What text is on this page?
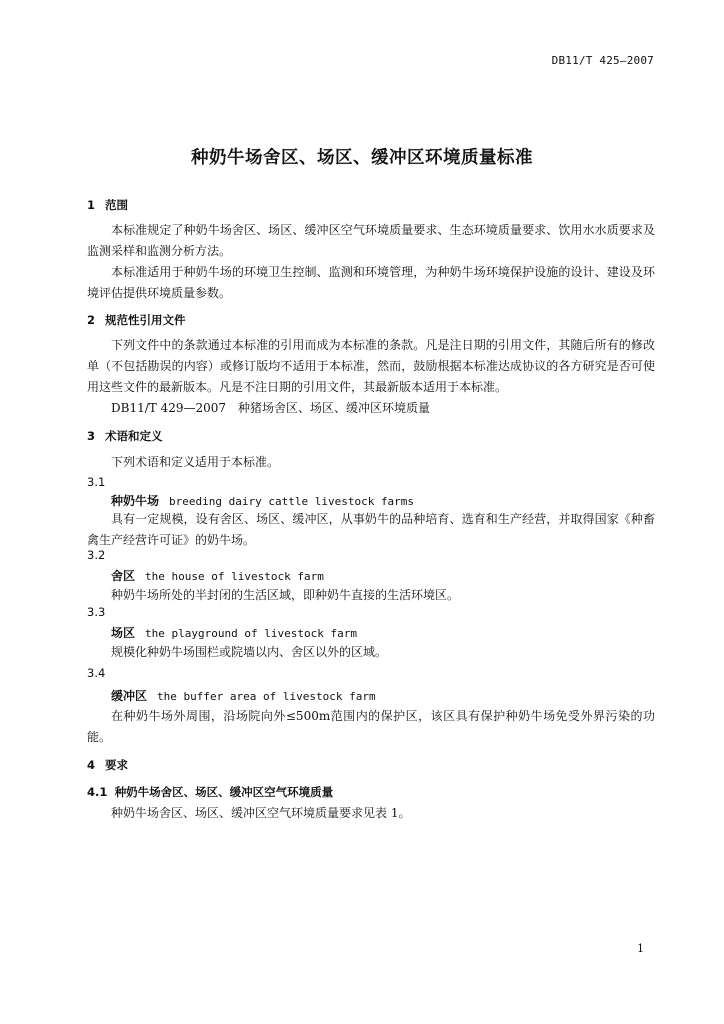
DB11/T 425—2007
种奶牛场舍区、场区、缓冲区环境质量标准
1 范围
本标准规定了种奶牛场舍区、场区、缓冲区空气环境质量要求、生态环境质量要求、饮用水水质要求及监测采样和监测分析方法。
本标准适用于种奶牛场的环境卫生控制、监测和环境管理，为种奶牛场环境保护设施的设计、建设及环境评估提供环境质量参数。
2 规范性引用文件
下列文件中的条款通过本标准的引用而成为本标准的条款。凡是注日期的引用文件，其随后所有的修改单（不包括勘误的内容）或修订版均不适用于本标准，然而，鼓励根据本标准达成协议的各方研究是否可使用这些文件的最新版本。凡是不注日期的引用文件，其最新版本适用于本标准。
DB11/T 429—2007　种猪场舍区、场区、缓冲区环境质量
3 术语和定义
下列术语和定义适用于本标准。
3.1
种奶牛场 breeding dairy cattle livestock farms
具有一定规模，设有舍区、场区、缓冲区，从事奶牛的品种培育、选育和生产经营，并取得国家《种畜禽生产经营许可证》的奶牛场。
3.2
舍区 the house of livestock farm
种奶牛场所处的半封闭的生活区域，即种奶牛直接的生活环境区。
3.3
场区 the playground of livestock farm
规模化种奶牛场围栏或院墙以内、舍区以外的区域。
3.4
缓冲区 the buffer area of livestock farm
在种奶牛场外周围，沿场院向外≤500m范围内的保护区，该区具有保护种奶牛场免受外界污染的功能。
4 要求
4.1 种奶牛场舍区、场区、缓冲区空气环境质量
种奶牛场舍区、场区、缓冲区空气环境质量要求见表 1。
1
